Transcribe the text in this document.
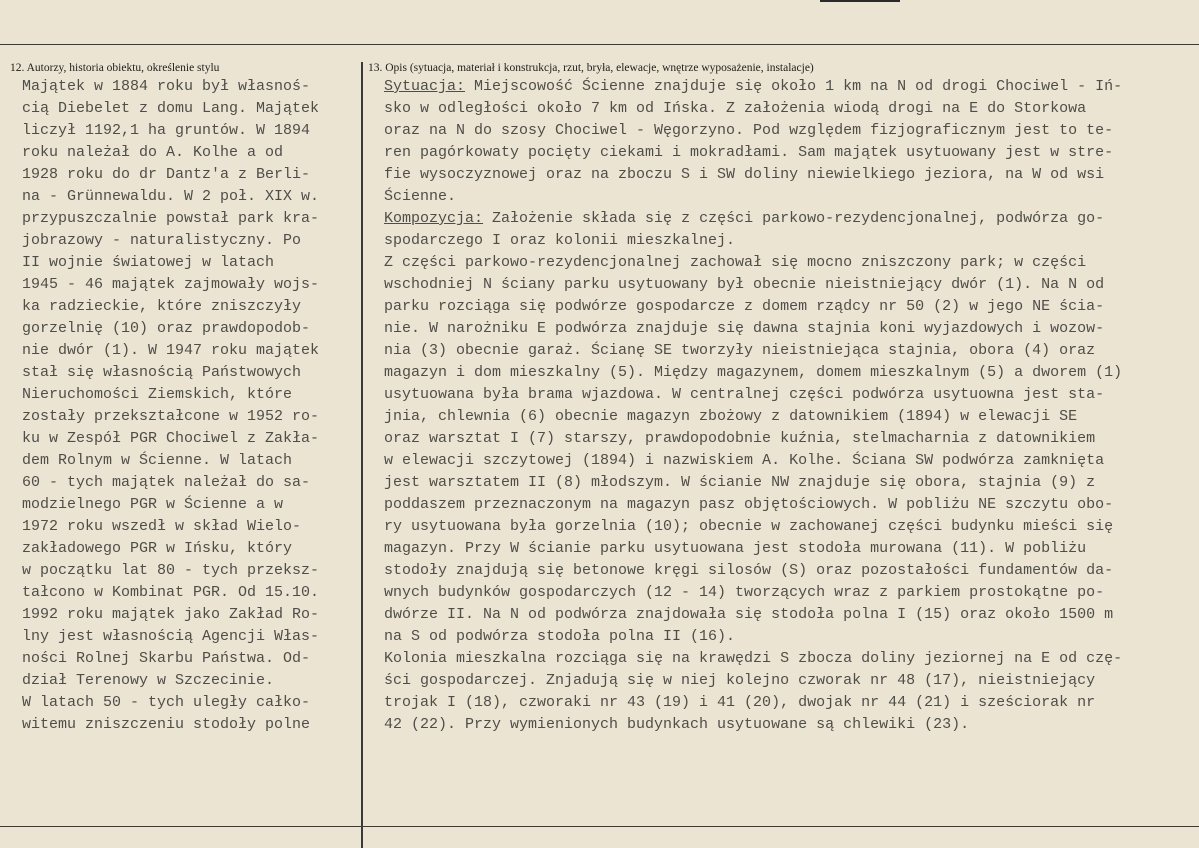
12. Autorzy, historia obiektu, określenie stylu	13. Opis (sytuacja, materiał i konstrukcja, rzut, bryła, elewacje, wnętrze wyposażenie, instalacje)

Majątek w 1884 roku był własnoś-

cią Diebelet z domu Lang. Majątek

liczył 1192,1 ha gruntów. W 1894

roku należał do A. Kolhe a od

1928 roku do dr Dantz'a z Berli-

na - Grünnewaldu. W 2 poł. XIX w.

przypuszczalnie powstał park kra-

jobrazowy - naturalistyczny. Po

II wojnie światowej w latach

1945 - 46 majątek zajmowały wojs-

ka radzieckie, które zniszczyły

gorzelnię (10) oraz prawdopodob-

nie dwór (1). W 1947 roku majątek

stał się własnością Państwowych

Nieruchomości Ziemskich, które

zostały przekształcone w 1952 ro-

ku w Zespół PGR Chociwel z Zakła-

dem Rolnym w Ścienne. W latach

60 - tych majątek należał do sa-

modzielnego PGR w Ścienne a w

1972 roku wszedł w skład Wielo-

zakładowego PGR w Ińsku, który

w początku lat 80 - tych przeksz-

tałcono w Kombinat PGR. Od 15.10.

1992 roku majątek jako Zakład Ro-

lny jest własnością Agencji Włas-

ności Rolnej Skarbu Państwa. Od-

dział Terenowy w Szczecinie.

W latach 50 - tych uległy całko-

witemu zniszczeniu stodoły polne

Sytuacja: Miejscowość Ścienne znajduje się około 1 km na N od drogi Chociwel - Iń-

sko w odległości około 7 km od Ińska. Z założenia wiodą drogi na E do Storkowa

oraz na N do szosy Chociwel - Węgorzyno. Pod względem fizjograficznym jest to te-

ren pagórkowaty pocięty ciekami i mokradłami. Sam majątek usytuowany jest w stre-

fie wysoczyznowej oraz na zboczu S i SW doliny niewielkiego jeziora, na W od wsi

Ścienne.

Kompozycja: Założenie składa się z części parkowo-rezydencjonalnej, podwórza go-

spodarczego I oraz kolonii mieszkalnej.

Z części parkowo-rezydencjonalnej zachował się mocno zniszczony park; w części

wschodniej N ściany parku usytuowany był obecnie nieistniejący dwór (1). Na N od

parku rozciąga się podwórze gospodarcze z domem rządcy nr 50 (2) w jego NE ścia-

nie. W narożniku E podwórza znajduje się dawna stajnia koni wyjazdowych i wozow-

nia (3) obecnie garaż. Ścianę SE tworzyły nieistniejąca stajnia, obora (4) oraz

magazyn i dom mieszkalny (5). Między magazynem, domem mieszkalnym (5) a dworem (1)

usytuowana była brama wjazdowa. W centralnej części podwórza usytuowna jest sta-

jnia, chlewnia (6) obecnie magazyn zbożowy z datownikiem (1894) w elewacji SE

oraz warsztat I (7) starszy, prawdopodobnie kuźnia, stelmacharnia z datownikiem

w elewacji szczytowej (1894) i nazwiskiem A. Kolhe. Ściana SW podwórza zamknięta

jest warsztatem II (8) młodszym. W ścianie NW znajduje się obora, stajnia (9) z

poddaszem przeznaczonym na magazyn pasz objętościowych. W pobliżu NE szczytu obo-

ry usytuowana była gorzelnia (10); obecnie w zachowanej części budynku mieści się

magazyn. Przy W ścianie parku usytuowana jest stodoła murowana (11). W pobliżu

stodoły znajdują się betonowe kręgi silosów (S) oraz pozostałości fundamentów da-

wnych budynków gospodarczych (12 - 14) tworzących wraz z parkiem prostokątne po-

dwórze II. Na N od podwórza znajdowała się stodoła polna I (15) oraz około 1500 m

na S od podwórza stodoła polna II (16).

Kolonia mieszkalna rozciąga się na krawędzi S zbocza doliny jeziornej na E od czę-

ści gospodarczej. Znjadują się w niej kolejno czworak nr 48 (17), nieistniejący

trojak I (18), czworaki nr 43 (19) i 41 (20), dwojak nr 44 (21) i sześciorak nr

42 (22). Przy wymienionych budynkach usytuowane są chlewiki (23).
